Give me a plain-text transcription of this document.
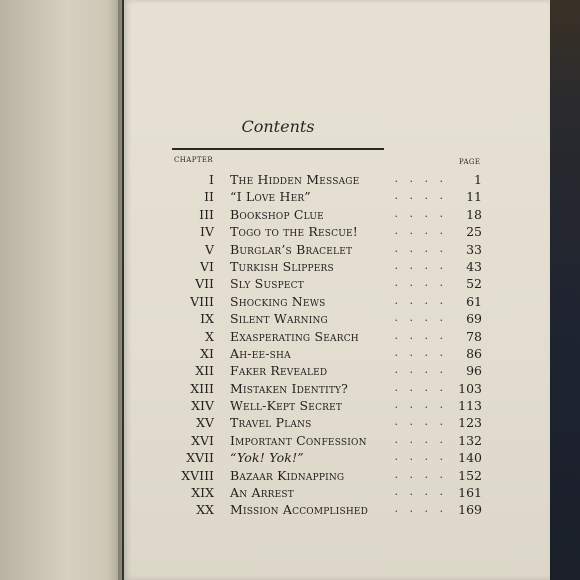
Contents
CHAPTER	PAGE
I The Hidden Message	. . . .	1
II “I Love Her”	. . . .	11
III Bookshop Clue	. . . .	18
IV Togo to the Rescue!	. . . .	25
V Burglar’s Bracelet	. . . .	33
VI Turkish Slippers	. . . .	43
VII Sly Suspect	. . . .	52
VIII Shocking News	. . . .	61
IX Silent Warning	. . . .	69
X Exasperating Search	. . . .	78
XI Ah-ee-sha	. . . .	86
XII Faker Revealed	. . . .	96
XIII Mistaken Identity?	. . . . 103
XIV Well-Kept Secret	. . . . 113
XV Travel Plans	. . . . 123
XVI Important Confession	. . . . 132
XVII “Yok! Yok!”	. . . . 140
XVIII Bazaar Kidnapping	. . . . 152
XIX An Arrest	. . . . 161
XX Mission Accomplished	. . . . 169
